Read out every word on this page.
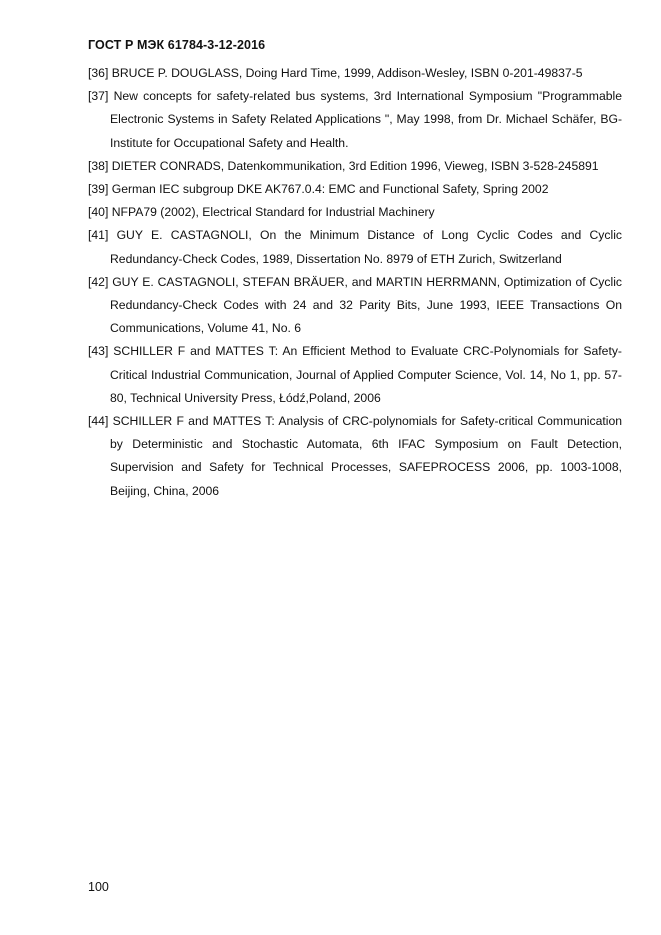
ГОСТ Р МЭК 61784-3-12-2016
[36] BRUCE P. DOUGLASS, Doing Hard Time, 1999, Addison-Wesley, ISBN 0-201-49837-5
[37] New concepts for safety-related bus systems, 3rd International Symposium "Programmable Electronic Systems in Safety Related Applications ", May 1998, from Dr. Michael Schäfer, BG-Institute for Occupational Safety and Health.
[38] DIETER CONRADS, Datenkommunikation, 3rd Edition 1996, Vieweg, ISBN 3-528-245891
[39] German IEC subgroup DKE AK767.0.4: EMC and Functional Safety, Spring 2002
[40] NFPA79 (2002), Electrical Standard for Industrial Machinery
[41] GUY E. CASTAGNOLI, On the Minimum Distance of Long Cyclic Codes and Cyclic Redundancy-Check Codes, 1989, Dissertation No. 8979 of ETH Zurich, Switzerland
[42] GUY E. CASTAGNOLI, STEFAN BRÄUER, and MARTIN HERRMANN, Optimization of Cyclic Redundancy-Check Codes with 24 and 32 Parity Bits, June 1993, IEEE Transactions On Communications, Volume 41, No. 6
[43] SCHILLER F and MATTES T: An Efficient Method to Evaluate CRC-Polynomials for Safety-Critical Industrial Communication, Journal of Applied Computer Science, Vol. 14, No 1, pp. 57-80, Technical University Press, Łódź,Poland, 2006
[44] SCHILLER F and MATTES T: Analysis of CRC-polynomials for Safety-critical Communication by Deterministic and Stochastic Automata, 6th IFAC Symposium on Fault Detection, Supervision and Safety for Technical Processes, SAFEPROCESS 2006, pp. 1003-1008, Beijing, China, 2006
100
